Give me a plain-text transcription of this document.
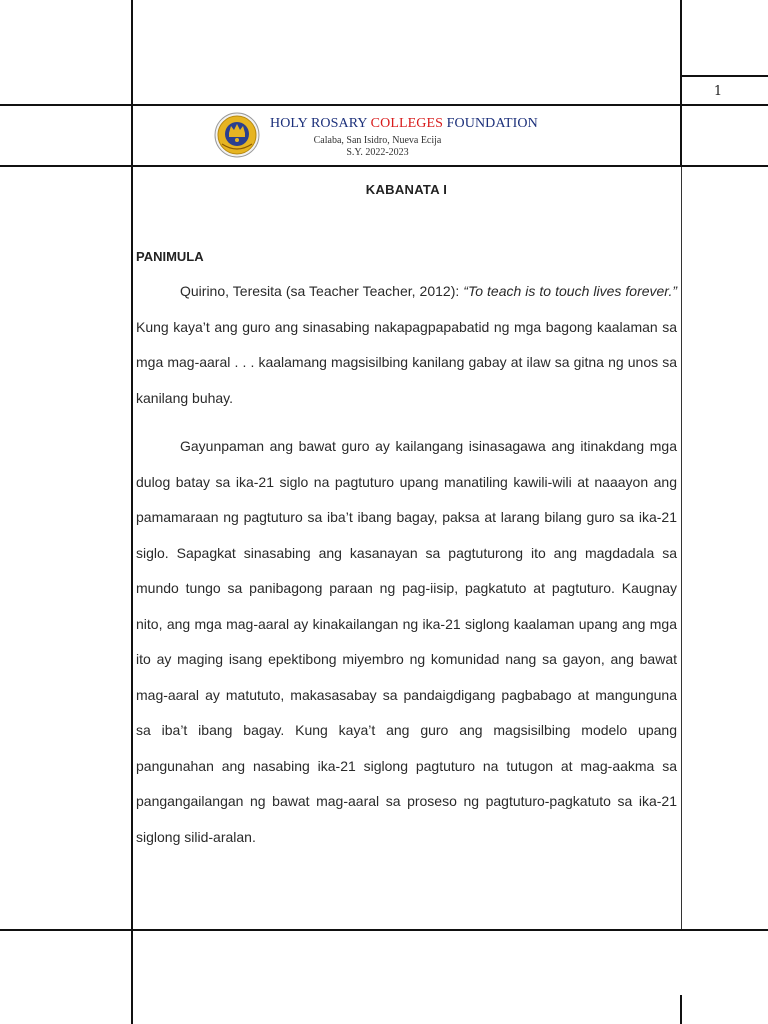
1
HOLY ROSARY COLLEGES FOUNDATION
Calaba, San Isidro, Nueva Ecija
S.Y. 2022-2023
KABANATA I
PANIMULA
Quirino, Teresita (sa Teacher Teacher, 2012): “To teach is to touch lives forever.” Kung kaya’t ang guro ang sinasabing nakapagpapabatid ng mga bagong kaalaman sa mga mag-aaral . . . kaalamang magsisilbing kanilang gabay at ilaw sa gitna ng unos sa kanilang buhay.
Gayunpaman ang bawat guro ay kailangang isinasagawa ang itinakdang mga dulog batay sa ika-21 siglo na pagtuturo upang manatiling kawili-wili at naaayon ang pamamaraan ng pagtuturo sa iba’t ibang bagay, paksa at larang bilang guro sa ika-21 siglo. Sapagkat sinasabing ang kasanayan sa pagtuturong ito ang magdadala sa mundo tungo sa panibagong paraan ng pag-iisip, pagkatuto at pagtuturo. Kaugnay nito, ang mga mag-aaral ay kinakailangan ng ika-21 siglong kaalaman upang ang mga ito ay maging isang epektibong miyembro ng komunidad nang sa gayon, ang bawat mag-aaral ay matututo, makasasabay sa pandaigdigang pagbabago at mangunguna sa iba’t ibang bagay. Kung kaya’t ang guro ang magsisilbing modelo upang pangunahan ang nasabing ika-21 siglong pagtuturo na tutugon at mag-aakma sa pangangailangan ng bawat mag-aaral sa proseso ng pagtuturo-pagkatuto sa ika-21 siglong silid-aralan.
